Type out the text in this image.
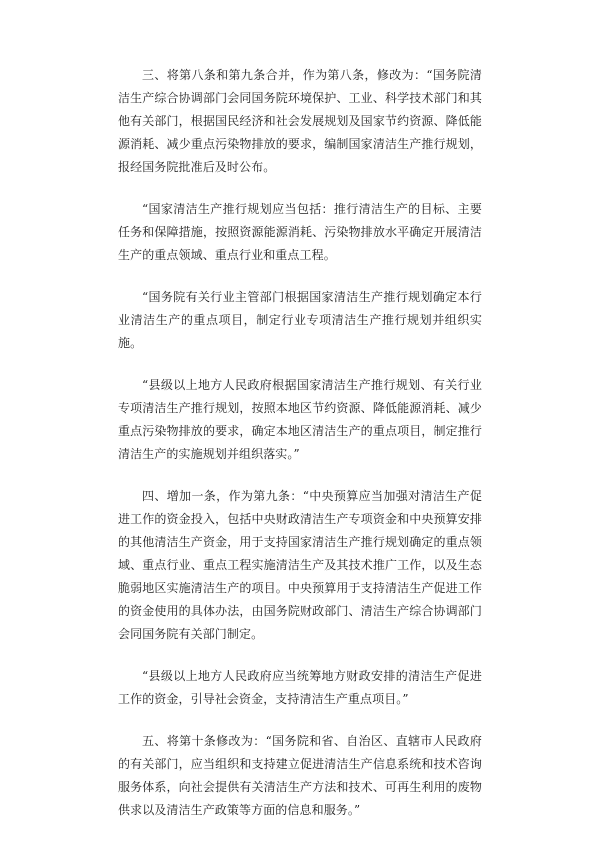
三、将第八条和第九条合并，作为第八条，修改为：“国务院清洁生产综合协调部门会同国务院环境保护、工业、科学技术部门和其他有关部门，根据国民经济和社会发展规划及国家节约资源、降低能源消耗、减少重点污染物排放的要求，编制国家清洁生产推行规划，报经国务院批准后及时公布。

“国家清洁生产推行规划应当包括：推行清洁生产的目标、主要任务和保障措施，按照资源能源消耗、污染物排放水平确定开展清洁生产的重点领域、重点行业和重点工程。

“国务院有关行业主管部门根据国家清洁生产推行规划确定本行业清洁生产的重点项目，制定行业专项清洁生产推行规划并组织实施。

“县级以上地方人民政府根据国家清洁生产推行规划、有关行业专项清洁生产推行规划，按照本地区节约资源、降低能源消耗、减少重点污染物排放的要求，确定本地区清洁生产的重点项目，制定推行清洁生产的实施规划并组织落实。”

四、增加一条，作为第九条：“中央预算应当加强对清洁生产促进工作的资金投入，包括中央财政清洁生产专项资金和中央预算安排的其他清洁生产资金，用于支持国家清洁生产推行规划确定的重点领域、重点行业、重点工程实施清洁生产及其技术推广工作，以及生态脆弱地区实施清洁生产的项目。中央预算用于支持清洁生产促进工作的资金使用的具体办法，由国务院财政部门、清洁生产综合协调部门会同国务院有关部门制定。

“县级以上地方人民政府应当统筹地方财政安排的清洁生产促进工作的资金，引导社会资金，支持清洁生产重点项目。”

五、将第十条修改为：“国务院和省、自治区、直辖市人民政府的有关部门，应当组织和支持建立促进清洁生产信息系统和技术咨询服务体系，向社会提供有关清洁生产方法和技术、可再生利用的废物供求以及清洁生产政策等方面的信息和服务。”
